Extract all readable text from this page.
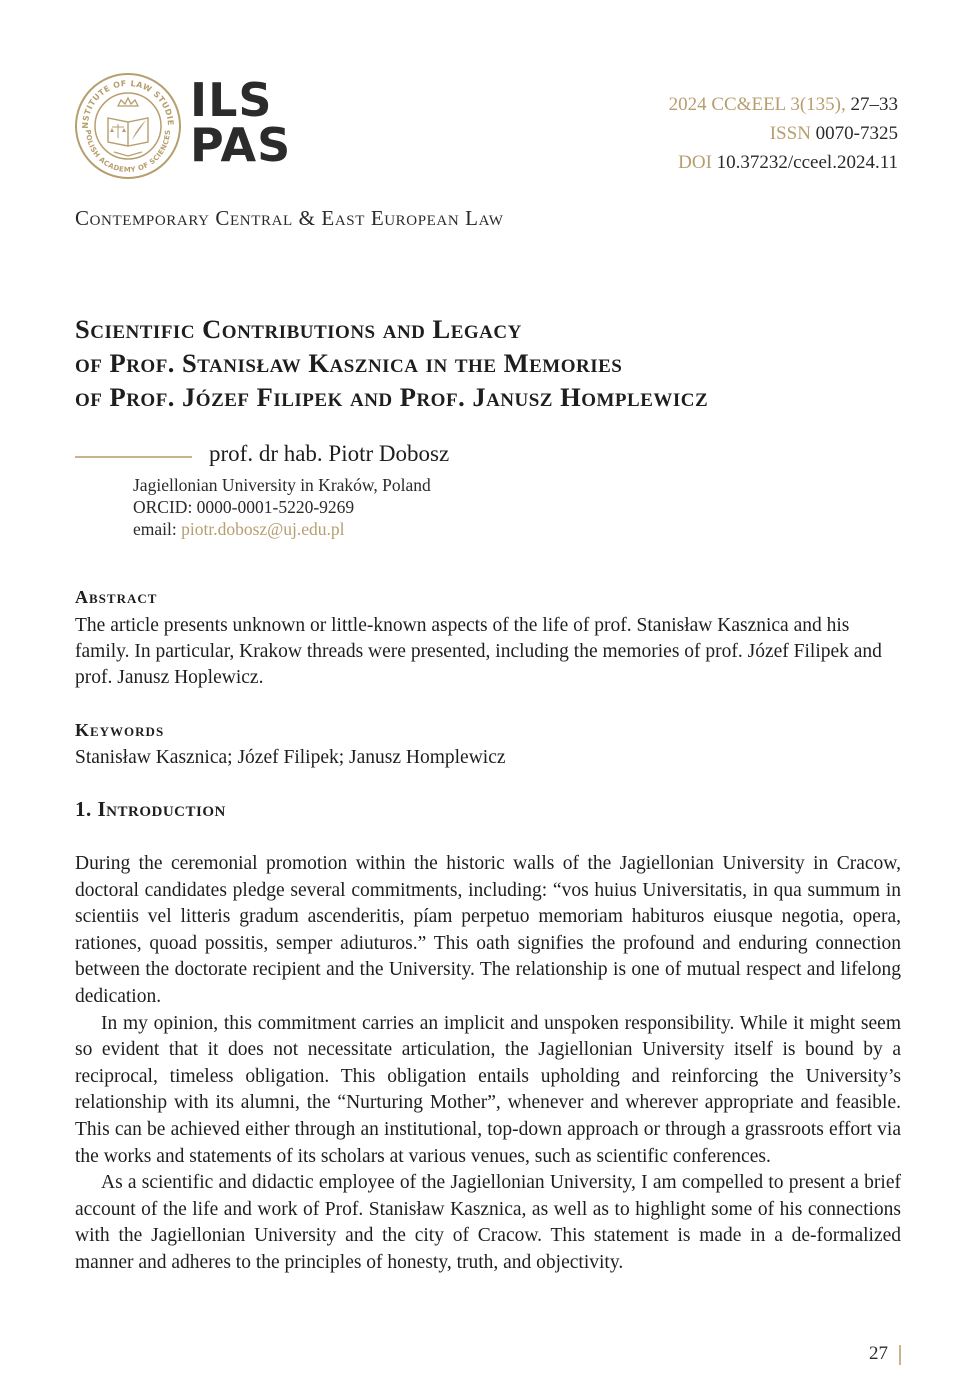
NSTITUTE OF LAW STUDIE
POLISH ACADEMY OF SCIENCES
ILS
PAS
2024 CC&EEL 3(135), 27–33
ISSN 0070-7325
DOI 10.37232/cceel.2024.11
Contemporary Central & East European Law
Scientific Contributions and Legacy
of Prof. Stanisław Kasznica in the Memories
of Prof. Józef Filipek and Prof. Janusz Homplewicz
prof. dr hab. Piotr Dobosz
Jagiellonian University in Kraków, Poland
ORCID: 0000-0001-5220-9269
email: piotr.dobosz@uj.edu.pl
Abstract
The article presents unknown or little-known aspects of the life of prof. Stanisław Kasznica and his family. In particular, Krakow threads were presented, including the memories of prof. Józef Filipek and prof. Janusz Hoplewicz.
Keywords
Stanisław Kasznica; Józef Filipek; Janusz Homplewicz
1. Introduction

During the ceremonial promotion within the historic walls of the Jagiellonian University in Cracow, doctoral candidates pledge several commitments, including: “vos huius Universitatis, in qua summum in scientiis vel litteris gradum ascenderitis, píam perpetuo memoriam habituros eiusque negotia, opera, rationes, quoad possitis, semper adiuturos.” This oath signifies the profound and enduring connection between the doctorate recipient and the University. The relationship is one of mutual respect and lifelong dedication.

In my opinion, this commitment carries an implicit and unspoken responsibility. While it might seem so evident that it does not necessitate articulation, the Jagiellonian University itself is bound by a reciprocal, timeless obligation. This obligation entails upholding and reinforcing the University’s relationship with its alumni, the “Nurturing Mother”, whenever and wherever appropriate and feasible. This can be achieved either through an institutional, top-down approach or through a grassroots effort via the works and statements of its scholars at various venues, such as scientific conferences.

As a scientific and didactic employee of the Jagiellonian University, I am compelled to present a brief account of the life and work of Prof. Stanisław Kasznica, as well as to highlight some of his connections with the Jagiellonian University and the city of Cracow. This statement is made in a de-formalized manner and adheres to the principles of honesty, truth, and objectivity.

27
